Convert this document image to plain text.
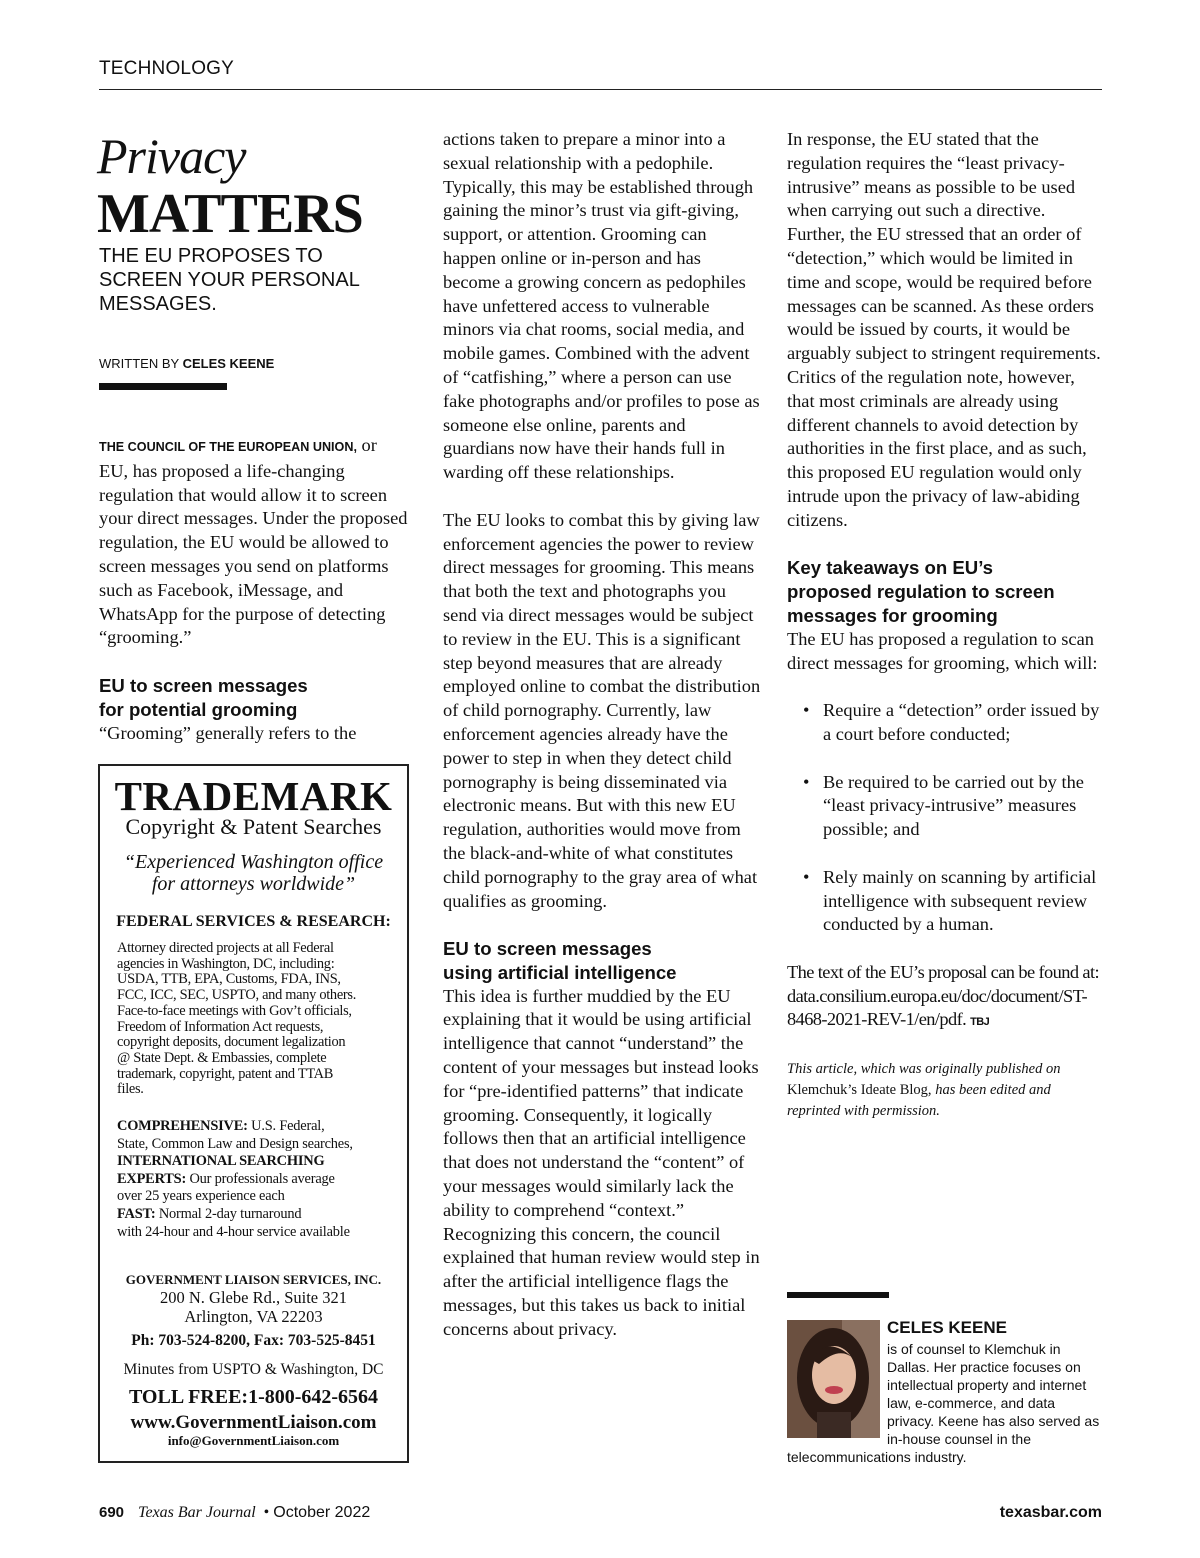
TECHNOLOGY
Privacy
MATTERS
THE EU PROPOSES TO SCREEN YOUR PERSONAL MESSAGES.
WRITTEN BY CELES KEENE

THE COUNCIL OF THE EUROPEAN UNION, or EU, has proposed a life-changing regulation that would allow it to screen your direct messages. Under the proposed regulation, the EU would be allowed to screen messages you send on platforms such as Facebook, iMessage, and WhatsApp for the purpose of detecting “grooming.”

EU to screen messages
for potential grooming

“Grooming” generally refers to the

actions taken to prepare a minor into a sexual relationship with a pedophile. Typically, this may be established through gaining the minor’s trust via gift-giving, support, or attention. Grooming can happen online or in-person and has become a growing concern as pedophiles have unfettered access to vulnerable minors via chat rooms, social media, and mobile games. Combined with the advent of “catfishing,” where a person can use fake photographs and/or profiles to pose as someone else online, parents and guardians now have their hands full in warding off these relationships.

The EU looks to combat this by giving law enforcement agencies the power to review direct messages for grooming. This means that both the text and photographs you send via direct messages would be subject to review in the EU. This is a significant step beyond measures that are already employed online to combat the distribution of child pornography. Currently, law enforcement agencies already have the power to step in when they detect child pornography is being disseminated via electronic means. But with this new EU regulation, authorities would move from the black-and-white of what constitutes child pornography to the gray area of what qualifies as grooming.

EU to screen messages
using artificial intelligence

This idea is further muddied by the EU explaining that it would be using artificial intelligence that cannot “understand” the content of your messages but instead looks for “pre-identified patterns” that indicate grooming. Consequently, it logically follows then that an artificial intelligence that does not understand the “content” of your messages would similarly lack the ability to comprehend “context.” Recognizing this concern, the council explained that human review would step in after the artificial intelligence flags the messages, but this takes us back to initial concerns about privacy.

In response, the EU stated that the regulation requires the “least privacy-intrusive” means as possible to be used when carrying out such a directive. Further, the EU stressed that an order of “detection,” which would be limited in time and scope, would be required before messages can be scanned. As these orders would be issued by courts, it would be arguably subject to stringent requirements. Critics of the regulation note, however, that most criminals are already using different channels to avoid detection by authorities in the first place, and as such, this proposed EU regulation would only intrude upon the privacy of law-abiding citizens.

Key takeaways on EU’s
proposed regulation to screen
messages for grooming

The EU has proposed a regulation to scan direct messages for grooming, which will:

• Require a “detection” order issued by a court before conducted;
• Be required to be carried out by the “least privacy-intrusive” measures possible; and
• Rely mainly on scanning by artificial intelligence with subsequent review conducted by a human.

The text of the EU’s proposal can be found at: data.consilium.europa.eu/doc/document/ST-8468-2021-REV-1/en/pdf. TBJ

This article, which was originally published on Klemchuk’s Ideate Blog, has been edited and reprinted with permission.

TRADEMARK
Copyright & Patent Searches
“Experienced Washington office
for attorneys worldwide”
FEDERAL SERVICES & RESEARCH:
Attorney directed projects at all Federal
agencies in Washington, DC, including:
USDA, TTB, EPA, Customs, FDA, INS,
FCC, ICC, SEC, USPTO, and many others.
Face-to-face meetings with Gov’t officials,
Freedom of Information Act requests,
copyright deposits, document legalization
@ State Dept. & Embassies, complete
trademark, copyright, patent and TTAB
files.
COMPREHENSIVE: U.S. Federal,
State, Common Law and Design searches,
INTERNATIONAL SEARCHING
EXPERTS: Our professionals average
over 25 years experience each
FAST: Normal 2-day turnaround
with 24-hour and 4-hour service available
GOVERNMENT LIAISON SERVICES, INC.
200 N. Glebe Rd., Suite 321
Arlington, VA 22203
Ph: 703-524-8200, Fax: 703-525-8451
Minutes from USPTO & Washington, DC
TOLL FREE:1-800-642-6564
www.GovernmentLiaison.com
info@GovernmentLiaison.com
CELES KEENE
is of counsel to Klemchuk in Dallas. Her practice focuses on intellectual property and internet law, e-commerce, and data privacy. Keene has also served as in-house counsel in the telecommunications industry.
690 Texas Bar Journal • October 2022	texasbar.com
